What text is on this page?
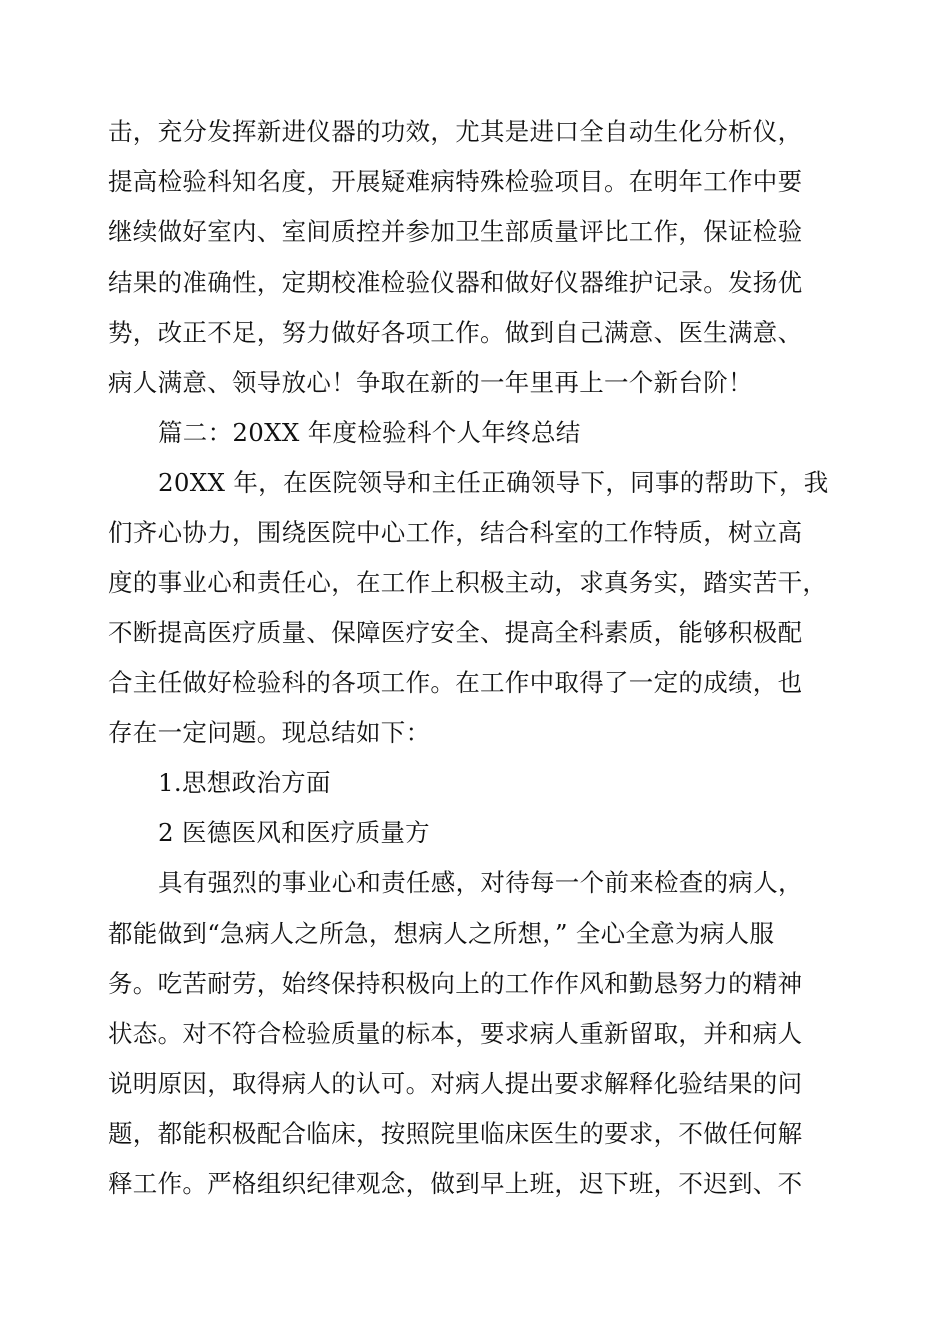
击，充分发挥新进仪器的功效，尤其是进口全自动生化分析仪，
提高检验科知名度，开展疑难病特殊检验项目。在明年工作中要
继续做好室内、室间质控并参加卫生部质量评比工作，保证检验
结果的准确性，定期校准检验仪器和做好仪器维护记录。发扬优
势，改正不足，努力做好各项工作。做到自己满意、医生满意、
病人满意、领导放心！争取在新的一年里再上一个新台阶！
篇二：20XX 年度检验科个人年终总结
20XX 年，在医院领导和主任正确领导下，同事的帮助下，我
们齐心协力，围绕医院中心工作，结合科室的工作特质，树立高
度的事业心和责任心，在工作上积极主动，求真务实，踏实苦干，
不断提高医疗质量、保障医疗安全、提高全科素质，能够积极配
合主任做好检验科的各项工作。在工作中取得了一定的成绩，也
存在一定问题。现总结如下：
1.思想政治方面
2 医德医风和医疗质量方
具有强烈的事业心和责任感，对待每一个前来检查的病人，
都能做到“急病人之所急，想病人之所想，” 全心全意为病人服
务。吃苦耐劳，始终保持积极向上的工作作风和勤恳努力的精神
状态。对不符合检验质量的标本，要求病人重新留取，并和病人
说明原因，取得病人的认可。对病人提出要求解释化验结果的问
题，都能积极配合临床，按照院里临床医生的要求，不做任何解
释工作。严格组织纪律观念，做到早上班，迟下班，不迟到、不
